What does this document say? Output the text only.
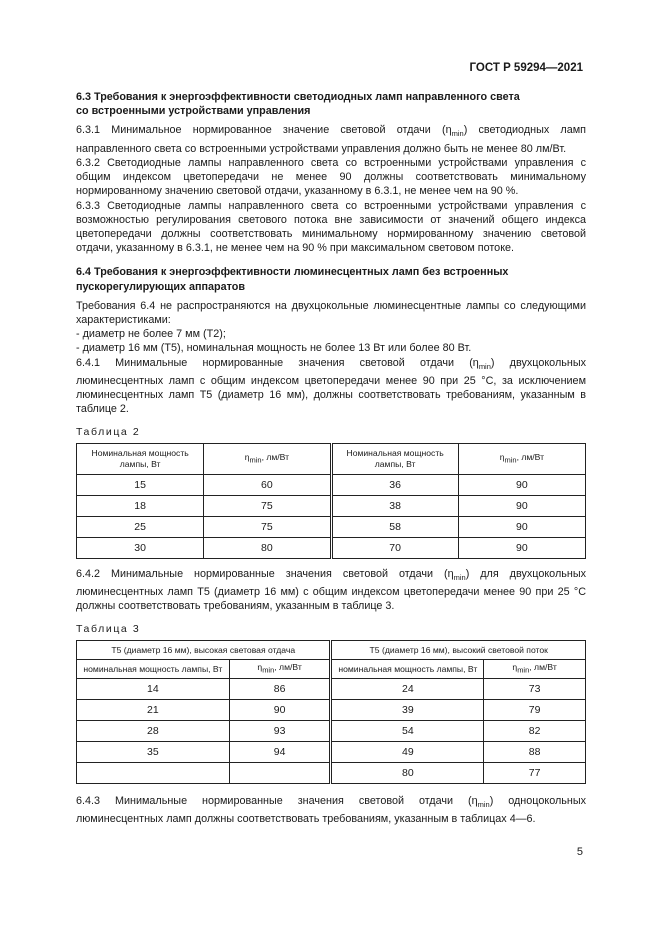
ГОСТ Р 59294—2021

6.3 Требования к энергоэффективности светодиодных ламп направленного света
со встроенными устройствами управления

6.3.1 Минимальное нормированное значение световой отдачи $(\eta_{min})$ светодиодных ламп направленного света со встроенными устройствами управления должно быть не менее 80 лм/Вт.

6.3.2 Светодиодные лампы направленного света со встроенными устройствами управления с общим индексом цветопередачи не менее 90 должны соответствовать минимальному нормированному значению световой отдачи, указанному в 6.3.1, не менее чем на 90 %.

6.3.3 Светодиодные лампы направленного света со встроенными устройствами управления с возможностью регулирования светового потока вне зависимости от значений общего индекса цветопередачи должны соответствовать минимальному нормированному значению световой отдачи, указанному в 6.3.1, не менее чем на 90 % при максимальном световом потоке.

6.4 Требования к энергоэффективности люминесцентных ламп без встроенных
пускорегулирующих аппаратов

Требования 6.4 не распространяются на двухцокольные люминесцентные лампы со следующими характеристиками:

- диаметр не более 7 мм (Т2);

- диаметр 16 мм (Т5), номинальная мощность не более 13 Вт или более 80 Вт.

6.4.1 Минимальные нормированные значения световой отдачи $(\eta_{min})$ двухцокольных люминесцентных ламп с общим индексом цветопередачи менее 90 при 25 °С, за исключением люминесцентных ламп Т5 (диаметр 16 мм), должны соответствовать требованиям, указанным в таблице 2.

Таблица 2
Номинальная мощность лампы, Вт	$\eta_{min}$, лм/Вт	Номинальная мощность лампы, Вт	$\eta_{min}$, лм/Вт
15	60	36	90
18	75	38	90
25	75	58	90
30	80	70	90

6.4.2 Минимальные нормированные значения световой отдачи $(\eta_{min})$ для двухцокольных люминесцентных ламп Т5 (диаметр 16 мм) с общим индексом цветопередачи менее 90 при 25 °С должны соответствовать требованиям, указанным в таблице 3.

Таблица 3
Т5 (диаметр 16 мм), высокая световая отдача		Т5 (диаметр 16 мм), высокий световой поток	
номинальная мощность лампы, Вт	$\eta_{min}$, лм/Вт	номинальная мощность лампы, Вт	$\eta_{min}$, лм/Вт
14	86	24	73
21	90	39	79
28	93	54	82
35	94	49	88
		80	77

6.4.3 Минимальные нормированные значения световой отдачи $(\eta_{min})$ одноцокольных люминесцентных ламп должны соответствовать требованиям, указанным в таблицах 4—6.

5
